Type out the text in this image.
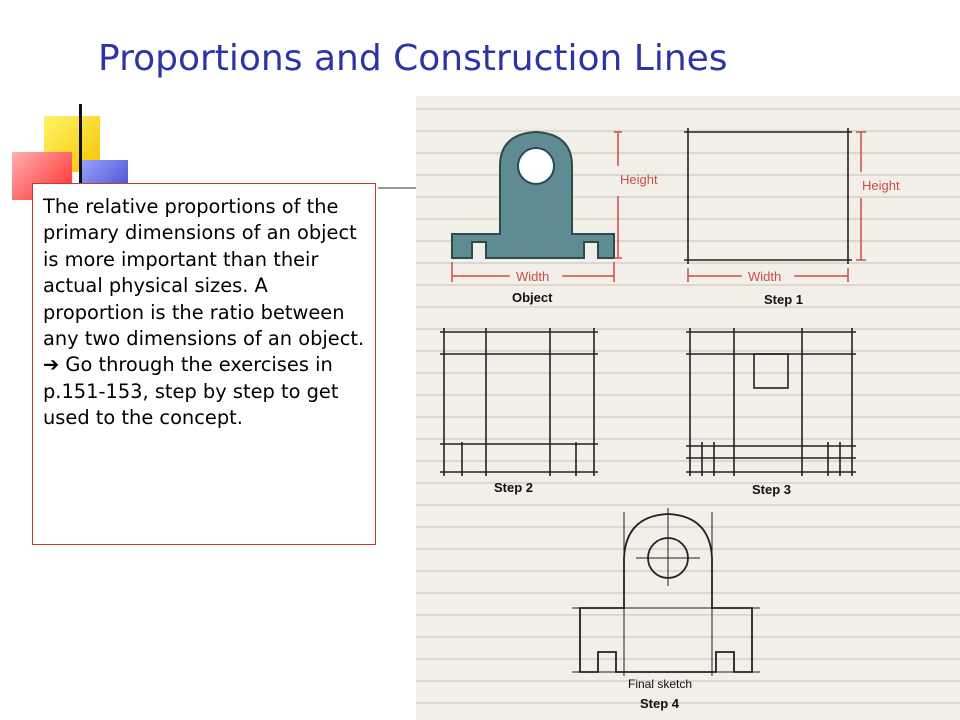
Proportions and Construction Lines

The relative proportions of the primary dimensions of an object is more important than their actual physical sizes. A proportion is the ratio between any two dimensions of an object. ➔ Go through the exercises in p.151-153, step by step to get used to the concept.

Height
Width
Object
Height
Width
Step 1
Step 2	Step 3
Final sketch
Step 4
